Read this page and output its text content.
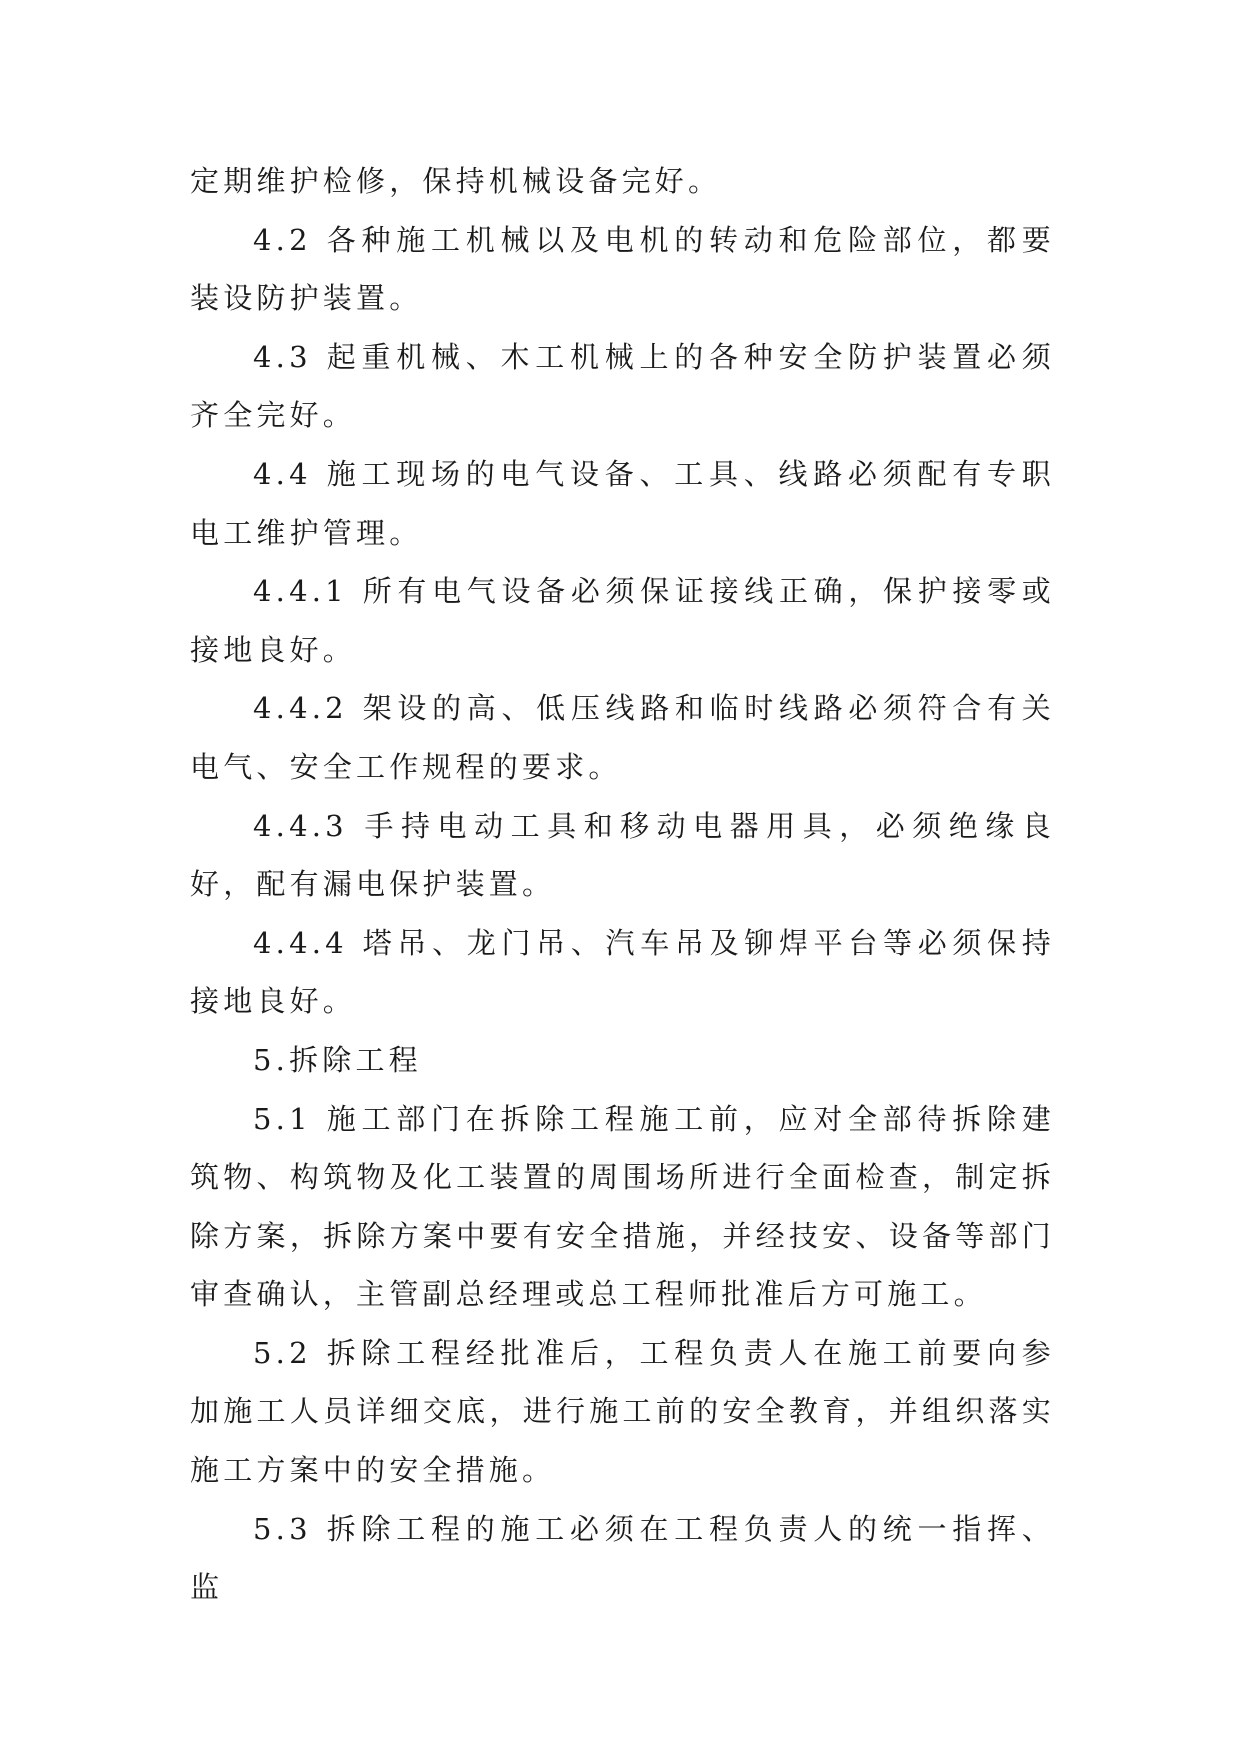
定期维护检修，保持机械设备完好。

4.2 各种施工机械以及电机的转动和危险部位，都要装设防护装置。

4.3 起重机械、木工机械上的各种安全防护装置必须齐全完好。

4.4 施工现场的电气设备、工具、线路必须配有专职电工维护管理。

4.4.1 所有电气设备必须保证接线正确，保护接零或接地良好。

4.4.2 架设的高、低压线路和临时线路必须符合有关电气、安全工作规程的要求。

4.4.3 手持电动工具和移动电器用具，必须绝缘良好，配有漏电保护装置。

4.4.4 塔吊、龙门吊、汽车吊及铆焊平台等必须保持接地良好。

5.拆除工程

5.1 施工部门在拆除工程施工前，应对全部待拆除建筑物、构筑物及化工装置的周围场所进行全面检查，制定拆除方案，拆除方案中要有安全措施，并经技安、设备等部门审查确认，主管副总经理或总工程师批准后方可施工。

5.2 拆除工程经批准后，工程负责人在施工前要向参加施工人员详细交底，进行施工前的安全教育，并组织落实施工方案中的安全措施。

5.3 拆除工程的施工必须在工程负责人的统一指挥、监
